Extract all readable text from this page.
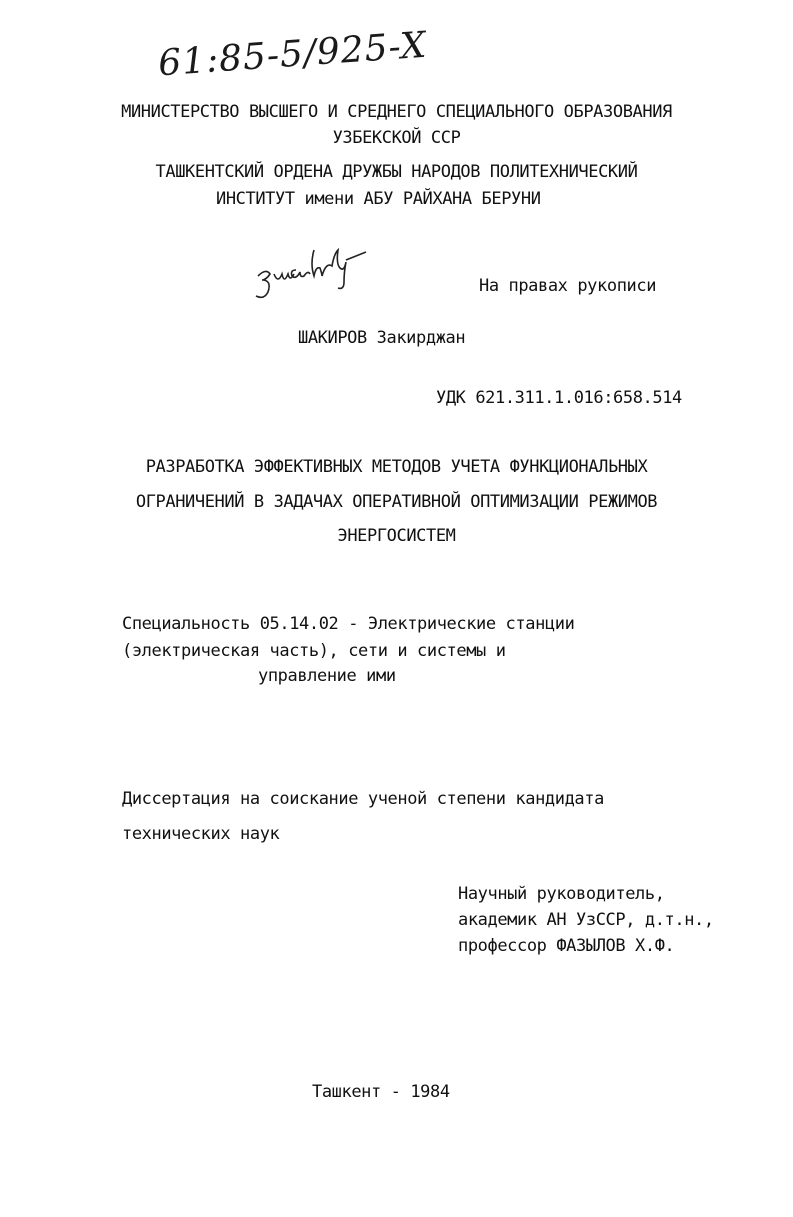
61:85-5/925-X
МИНИСТЕРСТВО ВЫСШЕГО И СРЕДНЕГО СПЕЦИАЛЬНОГО ОБРАЗОВАНИЯ
УЗБЕКСКОЙ ССР
ТАШКЕНТСКИЙ ОРДЕНА ДРУЖБЫ НАРОДОВ ПОЛИТЕХНИЧЕСКИЙ
ИНСТИТУТ имени АБУ РАЙХАНА БЕРУНИ
На правах рукописи
ШАКИРОВ Закирджан
УДК 621.311.1.016:658.514
РАЗРАБОТКА ЭФФЕКТИВНЫХ МЕТОДОВ УЧЕТА ФУНКЦИОНАЛЬНЫХ
ОГРАНИЧЕНИЙ В ЗАДАЧАХ ОПЕРАТИВНОЙ ОПТИМИЗАЦИИ РЕЖИМОВ
ЭНЕРГОСИСТЕМ
Специальность 05.14.02 - Электрические станции
(электрическая часть), сети и системы и
управление ими
Диссертация на соискание ученой степени кандидата
технических наук
Научный руководитель,
академик АН УзССР, д.т.н.,
профессор ФАЗЫЛОВ Х.Ф.
Ташкент - 1984
